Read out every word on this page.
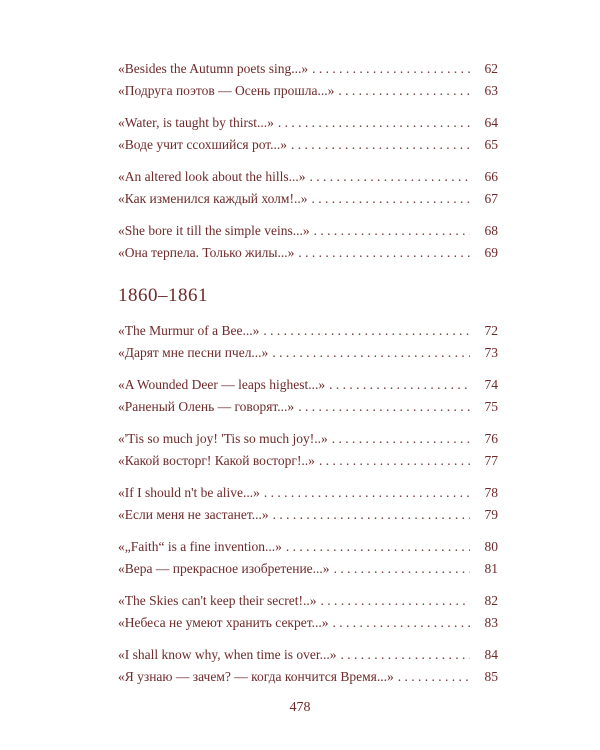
«Besides the Autumn poets sing...» . . .	62
«Подруга поэтов — Осень прошла...» . . .	63
«Water, is taught by thirst...» . . .	64
«Воде учит ссохшийся рот...» . . .	65
«An altered look about the hills...» . . .	66
«Как изменился каждый холм!..» . . .	67
«She bore it till the simple veins...» . . .	68
«Она терпела. Только жилы...» . . .	69
1860–1861
«The Murmur of a Bee...» . . .	72
«Дарят мне песни пчел...» . . .	73
«A Wounded Deer — leaps highest...» . . .	74
«Раненый Олень — говорят...» . . .	75
«'Tis so much joy! 'Tis so much joy!..» . . .	76
«Какой восторг! Какой восторг!..» . . .	77
«If I should n't be alive...» . . .	78
«Если меня не застанет...» . . .	79
«„Faith“ is a fine invention...» . . .	80
«Вера — прекрасное изобретение...» . . .	81
«The Skies can't keep their secret!..» . . .	82
«Небеса не умеют хранить секрет...» . . .	83
«I shall know why, when time is over...» . . .	84
«Я узнаю — зачем? — когда кончится Время...» . . .	85
478
